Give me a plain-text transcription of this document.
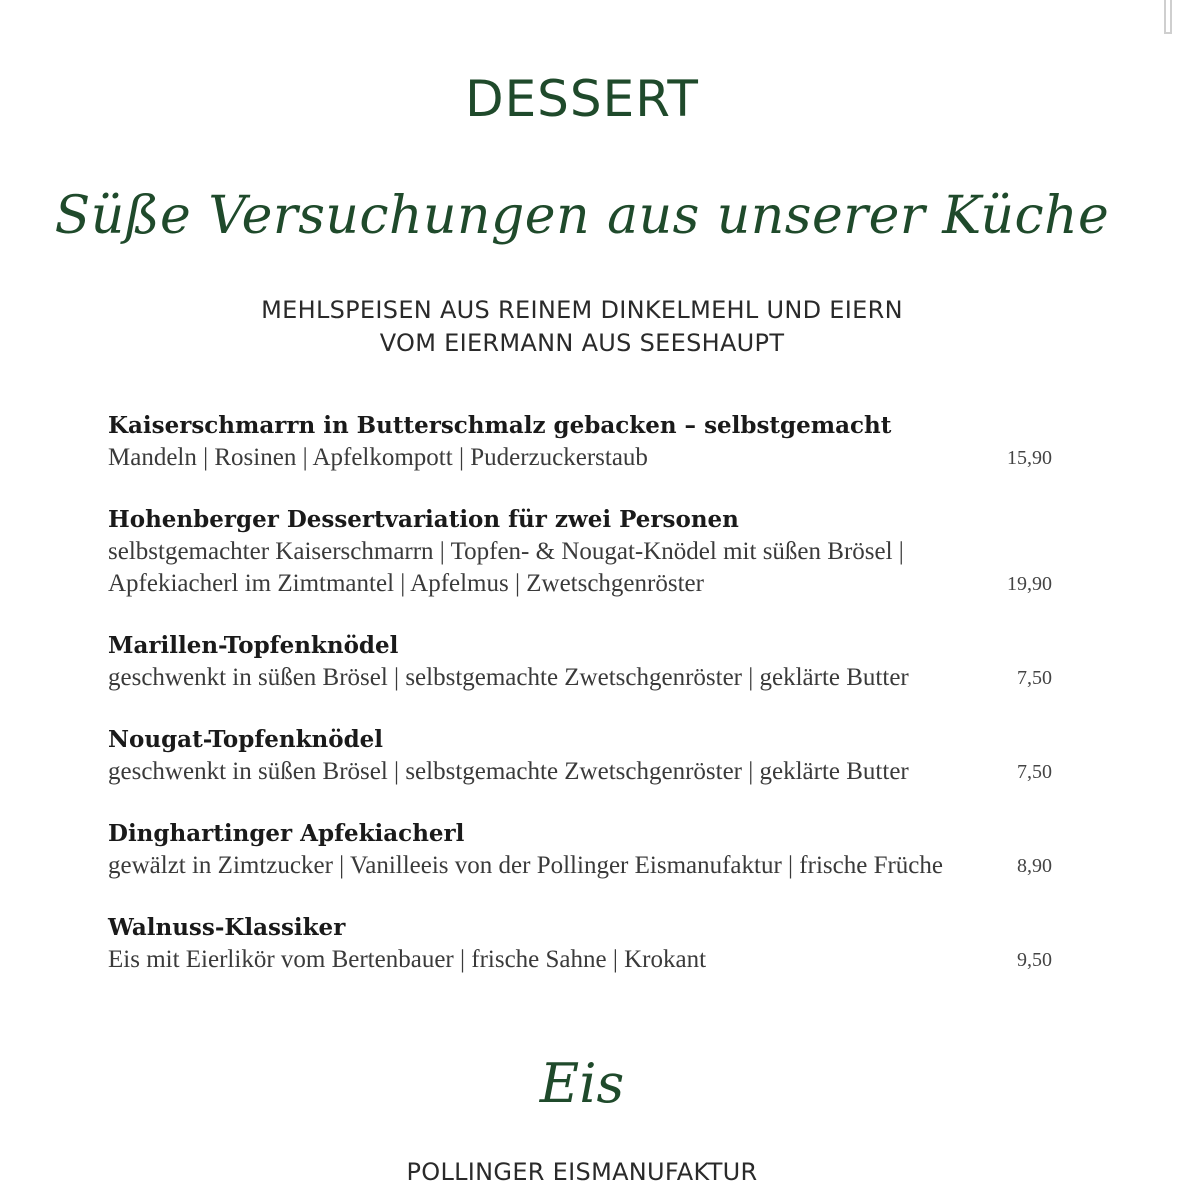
DESSERT
Süße Versuchungen aus unserer Küche
MEHLSPEISEN AUS REINEM DINKELMEHL UND EIERN
VOM EIERMANN AUS SEESHAUPT
Kaiserschmarrn in Butterschmalz gebacken – selbstgemacht
Mandeln | Rosinen | Apfelkompott | Puderzuckerstaub	15,90
Hohenberger Dessertvariation für zwei Personen
selbstgemachter Kaiserschmarrn | Topfen- & Nougat-Knödel mit süßen Brösel |
Apfekiacherl im Zimtmantel | Apfelmus | Zwetschgenröster	19,90
Marillen-Topfenknödel
geschwenkt in süßen Brösel | selbstgemachte Zwetschgenröster | geklärte Butter	7,50
Nougat-Topfenknödel
geschwenkt in süßen Brösel | selbstgemachte Zwetschgenröster | geklärte Butter	7,50
Dinghartinger Apfekiacherl
gewälzt in Zimtzucker | Vanilleeis von der Pollinger Eismanufaktur | frische Früche	8,90
Walnuss-Klassiker
Eis mit Eierlikör vom Bertenbauer | frische Sahne | Krokant	9,50
Eis
POLLINGER EISMANUFAKTUR
